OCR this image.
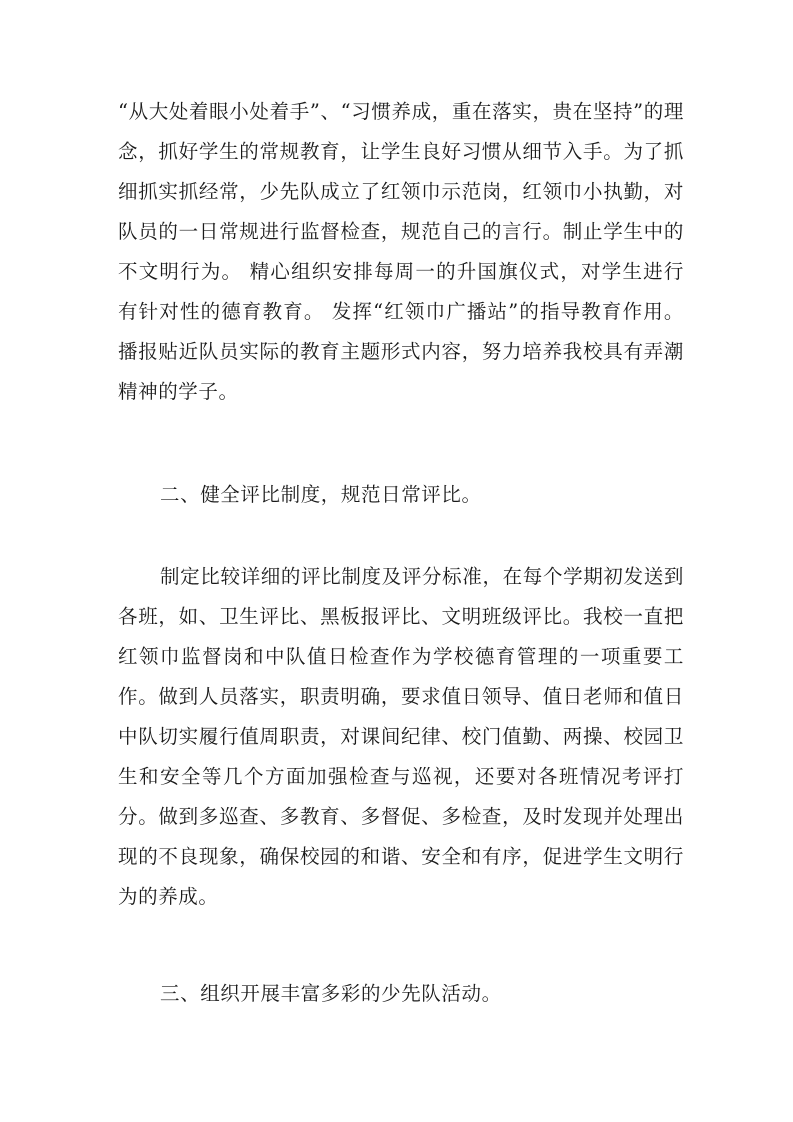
“从大处着眼小处着手”、“习惯养成，重在落实，贵在坚持”的理念，抓好学生的常规教育，让学生良好习惯从细节入手。为了抓细抓实抓经常，少先队成立了红领巾示范岗，红领巾小执勤，对队员的一日常规进行监督检查，规范自己的言行。制止学生中的不文明行为。 精心组织安排每周一的升国旗仪式，对学生进行有针对性的德育教育。 发挥“红领巾广播站”的指导教育作用。播报贴近队员实际的教育主题形式内容，努力培养我校具有弄潮精神的学子。

二、健全评比制度，规范日常评比。

制定比较详细的评比制度及评分标准，在每个学期初发送到各班，如、卫生评比、黑板报评比、文明班级评比。我校一直把红领巾监督岗和中队值日检查作为学校德育管理的一项重要工作。做到人员落实，职责明确，要求值日领导、值日老师和值日中队切实履行值周职责，对课间纪律、校门值勤、两操、校园卫生和安全等几个方面加强检查与巡视，还要对各班情况考评打分。做到多巡查、多教育、多督促、多检查，及时发现并处理出现的不良现象，确保校园的和谐、安全和有序，促进学生文明行为的养成。

三、组织开展丰富多彩的少先队活动。
